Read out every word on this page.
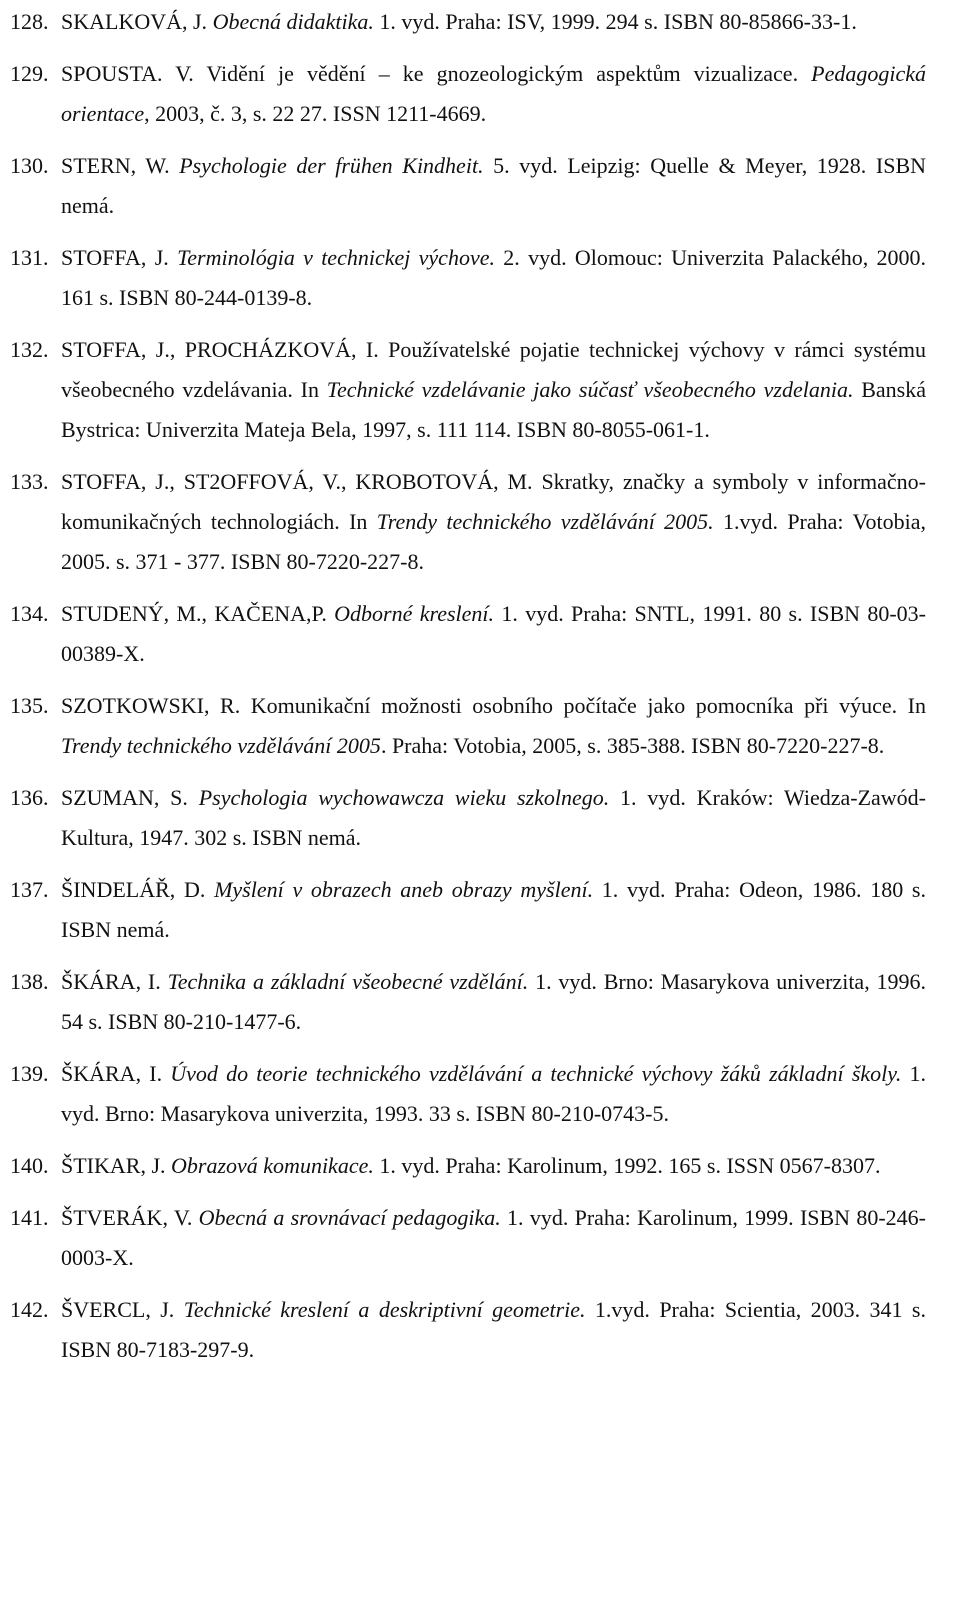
128. SKALKOVÁ, J. Obecná didaktika. 1. vyd. Praha: ISV, 1999. 294 s. ISBN 80-85866-33-1.
129. SPOUSTA. V. Vidění je vědění – ke gnozeologickým aspektům vizualizace. Pedagogická orientace, 2003, č. 3, s. 22 27. ISSN 1211-4669.
130. STERN, W. Psychologie der frühen Kindheit. 5. vyd. Leipzig: Quelle & Meyer, 1928. ISBN nemá.
131. STOFFA, J. Terminológia v technickej výchove. 2. vyd. Olomouc: Univerzita Palackého, 2000. 161 s. ISBN 80-244-0139-8.
132. STOFFA, J., PROCHÁZKOVÁ, I. Používatelské pojatie technickej výchovy v rámci systému všeobecného vzdelávania. In Technické vzdelávanie jako súčasť všeobecného vzdelania. Banská Bystrica: Univerzita Mateja Bela, 1997, s. 111 114. ISBN 80-8055-061-1.
133. STOFFA, J., ST2OFFOVÁ, V., KROBOTOVÁ, M. Skratky, značky a symboly v informačno-komunikačných technologiách. In Trendy technického vzdělávání 2005. 1.vyd. Praha: Votobia, 2005. s. 371 - 377. ISBN 80-7220-227-8.
134. STUDENÝ, M., KAČENA,P. Odborné kreslení. 1. vyd. Praha: SNTL, 1991. 80 s. ISBN 80-03-00389-X.
135. SZOTKOWSKI, R. Komunikační možnosti osobního počítače jako pomocníka při výuce. In Trendy technického vzdělávání 2005. Praha: Votobia, 2005, s. 385-388. ISBN 80-7220-227-8.
136. SZUMAN, S. Psychologia wychowawcza wieku szkolnego. 1. vyd. Kraków: Wiedza-Zawód-Kultura, 1947. 302 s. ISBN nemá.
137. ŠINDELÁŘ, D. Myšlení v obrazech aneb obrazy myšlení. 1. vyd. Praha: Odeon, 1986. 180 s. ISBN nemá.
138. ŠKÁRA, I. Technika a základní všeobecné vzdělání. 1. vyd. Brno: Masarykova univerzita, 1996. 54 s. ISBN 80-210-1477-6.
139. ŠKÁRA, I. Úvod do teorie technického vzdělávání a technické výchovy žáků základní školy. 1. vyd. Brno: Masarykova univerzita, 1993. 33 s. ISBN 80-210-0743-5.
140. ŠTIKAR, J. Obrazová komunikace. 1. vyd. Praha: Karolinum, 1992. 165 s. ISSN 0567-8307.
141. ŠTVERÁK, V. Obecná a srovnávací pedagogika. 1. vyd. Praha: Karolinum, 1999. ISBN 80-246-0003-X.
142. ŠVERCL, J. Technické kreslení a deskriptivní geometrie. 1.vyd. Praha: Scientia, 2003. 341 s. ISBN 80-7183-297-9.
